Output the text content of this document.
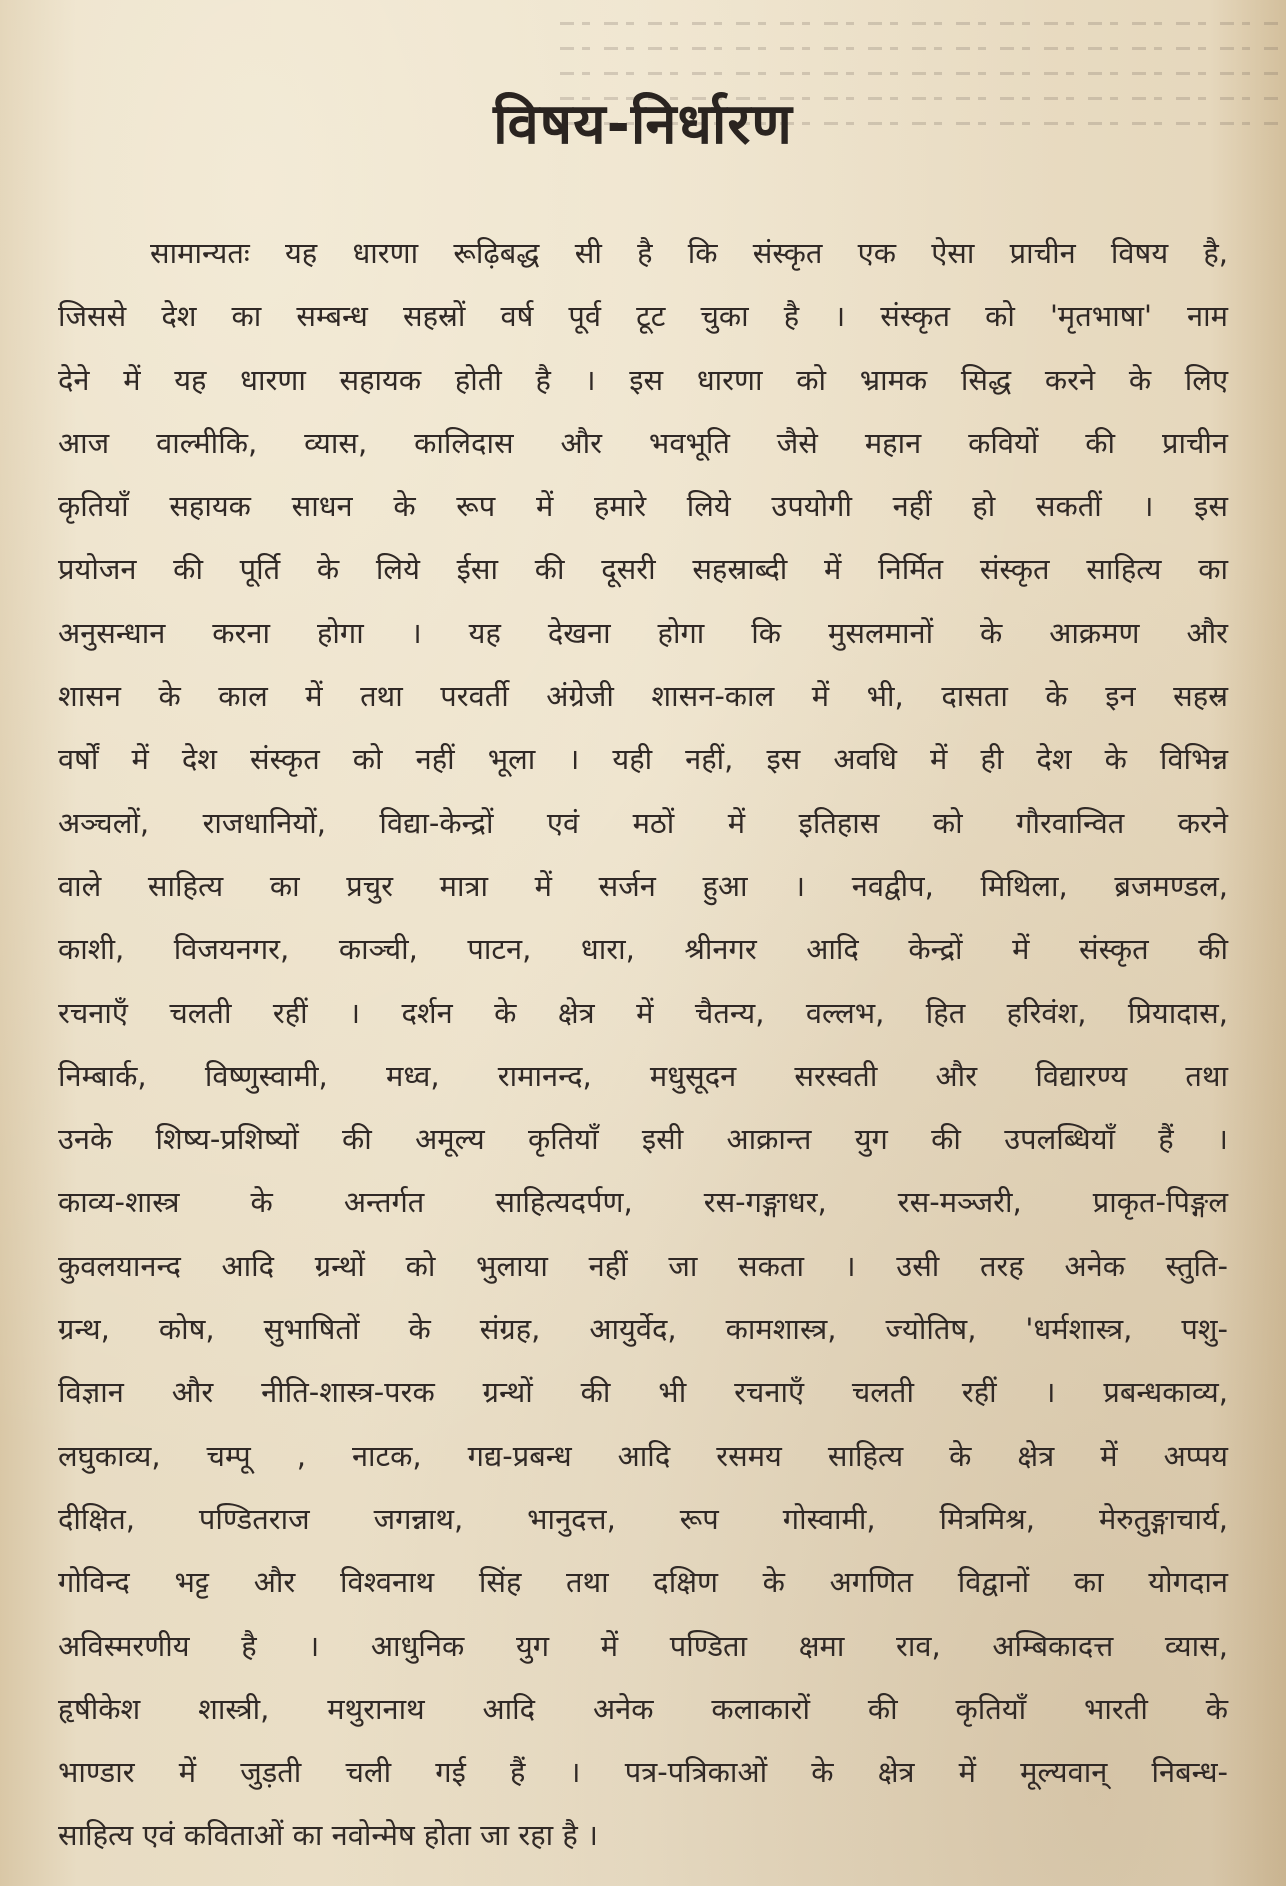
विषय-निर्धारण
सामान्यतः यह धारणा रूढ़िबद्ध सी है कि संस्कृत एक ऐसा प्राचीन विषय है,
जिससे देश का सम्बन्ध सहस्रों वर्ष पूर्व टूट चुका है । संस्कृत को 'मृतभाषा' नाम
देने में यह धारणा सहायक होती है । इस धारणा को भ्रामक सिद्ध करने के लिए
आज वाल्मीकि, व्यास, कालिदास और भवभूति जैसे महान कवियों की प्राचीन
कृतियाँ सहायक साधन के रूप में हमारे लिये उपयोगी नहीं हो सकतीं । इस
प्रयोजन की पूर्ति के लिये ईसा की दूसरी सहस्राब्दी में निर्मित संस्कृत साहित्य का
अनुसन्धान करना होगा । यह देखना होगा कि मुसलमानों के आक्रमण और
शासन के काल में तथा परवर्ती अंग्रेजी शासन-काल में भी, दासता के इन सहस्र
वर्षों में देश संस्कृत को नहीं भूला । यही नहीं, इस अवधि में ही देश के विभिन्न
अञ्चलों, राजधानियों, विद्या-केन्द्रों एवं मठों में इतिहास को गौरवान्वित करने
वाले साहित्य का प्रचुर मात्रा में सर्जन हुआ । नवद्वीप, मिथिला, ब्रजमण्डल,
काशी, विजयनगर, काञ्ची, पाटन, धारा, श्रीनगर आदि केन्द्रों में संस्कृत की
रचनाएँ चलती रहीं । दर्शन के क्षेत्र में चैतन्य, वल्लभ, हित हरिवंश, प्रियादास,
निम्बार्क, विष्णुस्वामी, मध्व, रामानन्द, मधुसूदन सरस्वती और विद्यारण्य तथा
उनके शिष्य-प्रशिष्यों की अमूल्य कृतियाँ इसी आक्रान्त युग की उपलब्धियाँ हैं ।
काव्य-शास्त्र के अन्तर्गत साहित्यदर्पण, रस-गङ्गाधर, रस-मञ्जरी, प्राकृत-पिङ्गल
कुवलयानन्द आदि ग्रन्थों को भुलाया नहीं जा सकता । उसी तरह अनेक स्तुति-
ग्रन्थ, कोष, सुभाषितों के संग्रह, आयुर्वेद, कामशास्त्र, ज्योतिष, 'धर्मशास्त्र, पशु-
विज्ञान और नीति-शास्त्र-परक ग्रन्थों की भी रचनाएँ चलती रहीं । प्रबन्धकाव्य,
लघुकाव्य, चम्पू , नाटक, गद्य-प्रबन्ध आदि रसमय साहित्य के क्षेत्र में अप्पय
दीक्षित, पण्डितराज जगन्नाथ, भानुदत्त, रूप गोस्वामी, मित्रमिश्र, मेरुतुङ्गाचार्य,
गोविन्द भट्ट और विश्वनाथ सिंह तथा दक्षिण के अगणित विद्वानों का योगदान
अविस्मरणीय है । आधुनिक युग में पण्डिता क्षमा राव, अम्बिकादत्त व्यास,
हृषीकेश शास्त्री, मथुरानाथ आदि अनेक कलाकारों की कृतियाँ भारती के
भाण्डार में जुड़ती चली गई हैं । पत्र-पत्रिकाओं के क्षेत्र में मूल्यवान् निबन्ध-
साहित्य एवं कविताओं का नवोन्मेष होता जा रहा है ।
